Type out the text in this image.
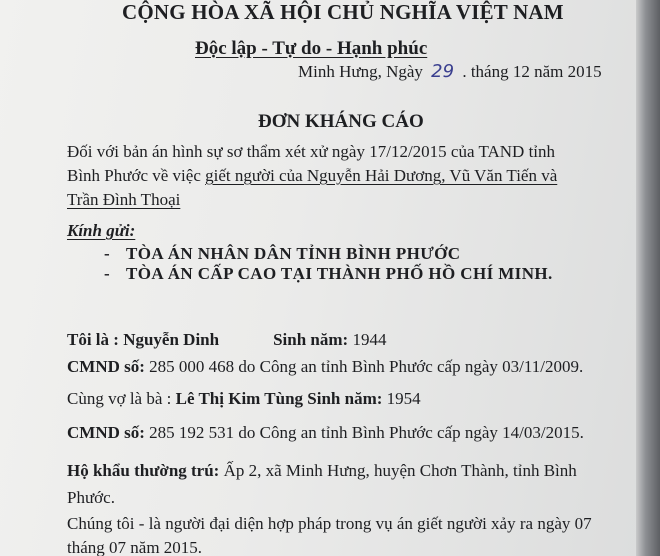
CỘNG HÒA XÃ HỘI CHỦ NGHĨA VIỆT NAM
Độc lập - Tự do - Hạnh phúc
Minh Hưng, Ngày 29 . tháng 12 năm 2015
ĐƠN KHÁNG CÁO
Đối với bản án hình sự sơ thẩm xét xử ngày 17/12/2015 của TAND tỉnh Bình Phước về việc giết người của Nguyễn Hải Dương, Vũ Văn Tiến và Trần Đình Thoại
Kính gửi:
- TÒA ÁN NHÂN DÂN TỈNH BÌNH PHƯỚC
- TÒA ÁN CẤP CAO TẠI THÀNH PHỐ HỒ CHÍ MINH.
Tôi là : Nguyễn Dinh	Sinh năm: 1944
CMND số: 285 000 468 do Công an tỉnh Bình Phước cấp ngày 03/11/2009.
Cùng vợ là bà : Lê Thị Kim Tùng Sinh năm: 1954
CMND số: 285 192 531 do Công an tỉnh Bình Phước cấp ngày 14/03/2015.
Hộ khẩu thường trú: Ấp 2, xã Minh Hưng, huyện Chơn Thành, tỉnh Bình Phước.
Chúng tôi - là người đại diện hợp pháp trong vụ án giết người xảy ra ngày 07 tháng 07 năm 2015.
